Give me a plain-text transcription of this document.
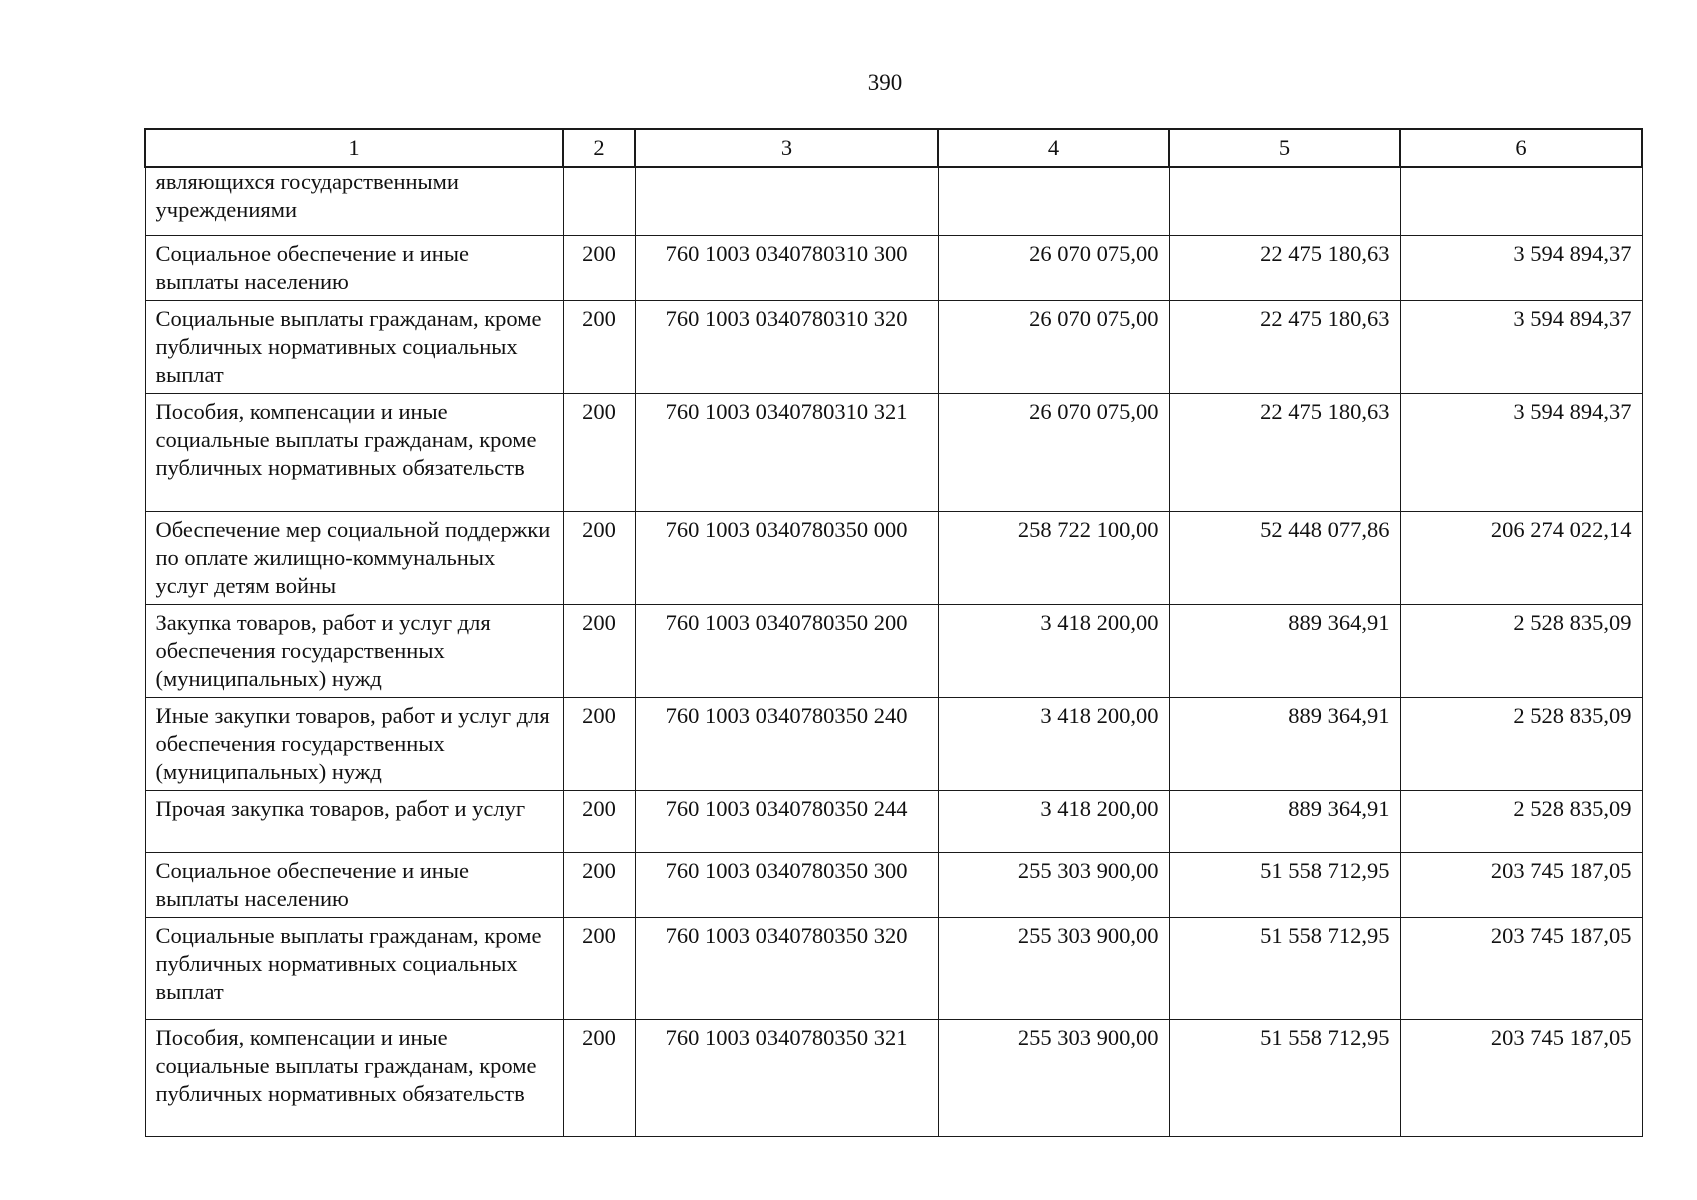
390
1	2	3	4	5	6
являющихся государственными учреждениями					
Социальное обеспечение и иные выплаты населению	200	760 1003 0340780310 300	26 070 075,00	22 475 180,63	3 594 894,37
Социальные выплаты гражданам, кроме публичных нормативных социальных выплат	200	760 1003 0340780310 320	26 070 075,00	22 475 180,63	3 594 894,37
Пособия, компенсации и иные социальные выплаты гражданам, кроме публичных нормативных обязательств	200	760 1003 0340780310 321	26 070 075,00	22 475 180,63	3 594 894,37
Обеспечение мер социальной поддержки по оплате жилищно-коммунальных услуг детям войны	200	760 1003 0340780350 000	258 722 100,00	52 448 077,86	206 274 022,14
Закупка товаров, работ и услуг для обеспечения государственных (муниципальных) нужд	200	760 1003 0340780350 200	3 418 200,00	889 364,91	2 528 835,09
Иные закупки товаров, работ и услуг для обеспечения государственных (муниципальных) нужд	200	760 1003 0340780350 240	3 418 200,00	889 364,91	2 528 835,09
Прочая закупка товаров, работ и услуг	200	760 1003 0340780350 244	3 418 200,00	889 364,91	2 528 835,09
Социальное обеспечение и иные выплаты населению	200	760 1003 0340780350 300	255 303 900,00	51 558 712,95	203 745 187,05
Социальные выплаты гражданам, кроме публичных нормативных социальных выплат	200	760 1003 0340780350 320	255 303 900,00	51 558 712,95	203 745 187,05
Пособия, компенсации и иные социальные выплаты гражданам, кроме публичных нормативных обязательств	200	760 1003 0340780350 321	255 303 900,00	51 558 712,95	203 745 187,05
